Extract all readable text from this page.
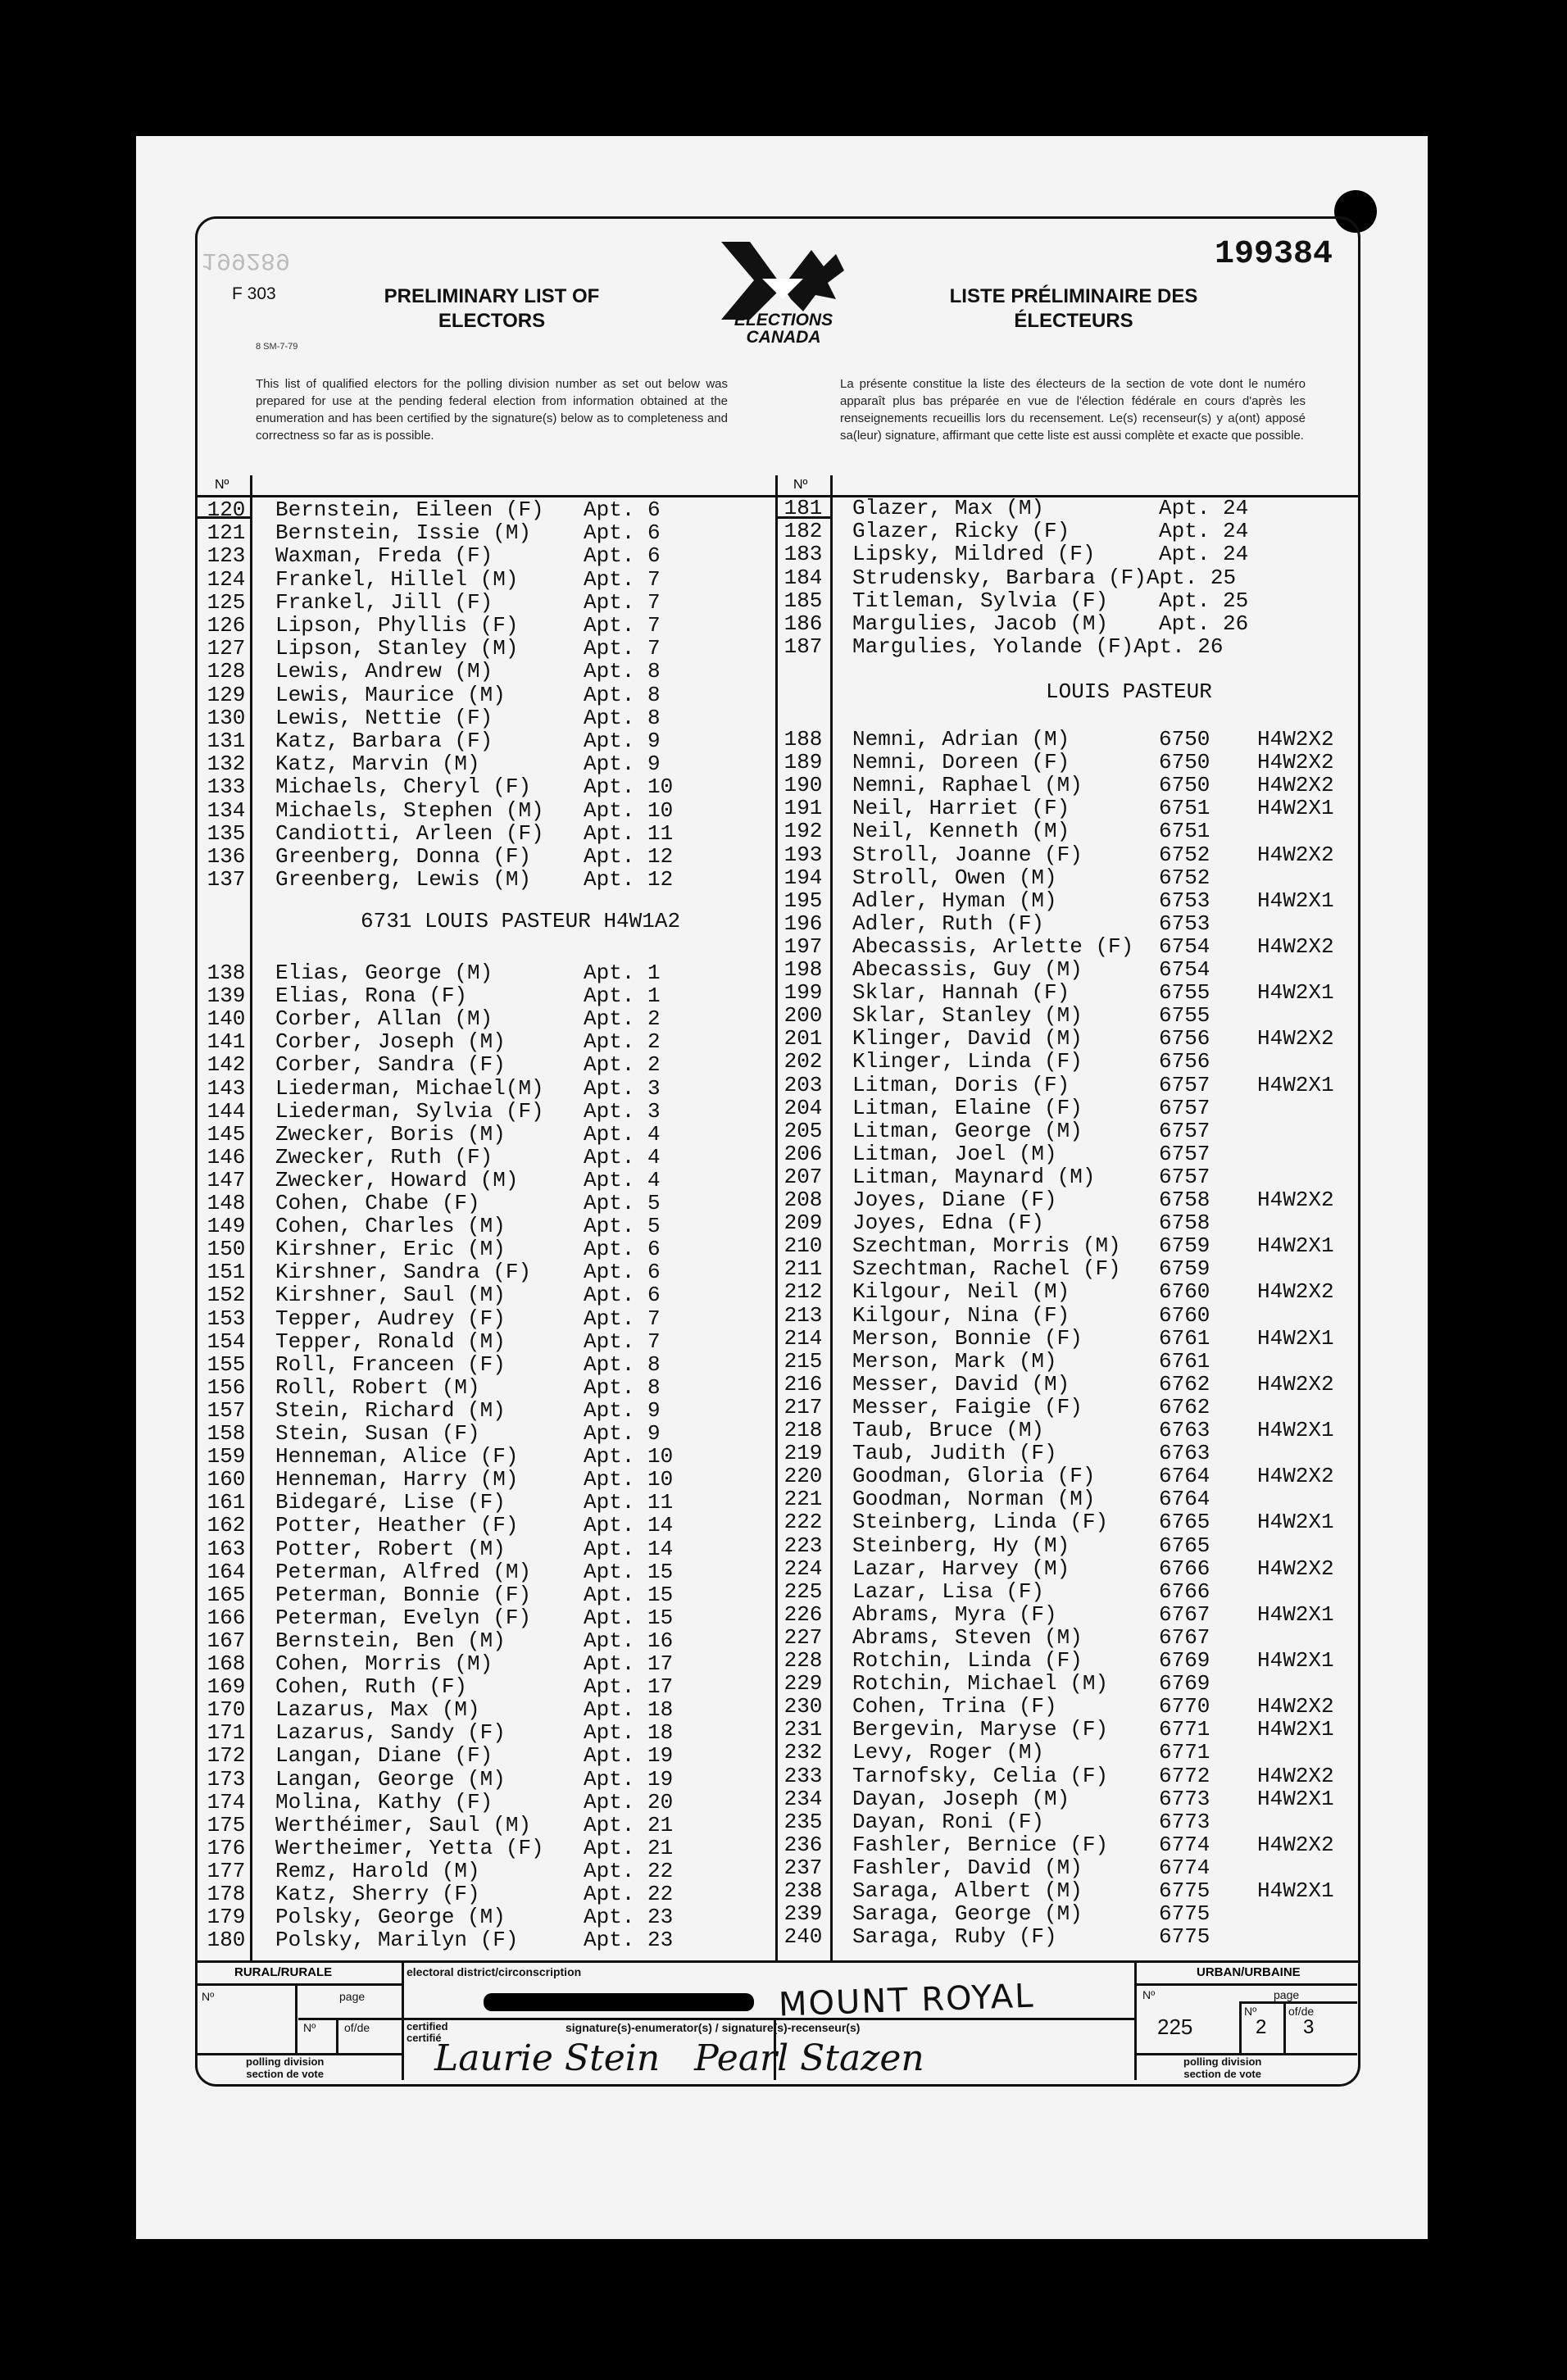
199289
F 303
8 SM-7-79
PRELIMINARY LIST OF
ELECTORS	ELECTIONS
CANADA
199384
LISTE PRÉLIMINAIRE DES
ÉLECTEURS
This list of qualified electors for the polling division number as set out below was prepared for use at the pending federal election from information obtained at the enumeration and has been certified by the signature(s) below as to completeness and correctness so far as is possible.
La présente constitue la liste des électeurs de la section de vote dont le numéro apparaît plus bas préparée en vue de l'élection fédérale en cours d'après les renseignements recueillis lors du recensement. Le(s) recenseur(s) y a(ont) apposé sa(leur) signature, affirmant que cette liste est aussi complète et exacte que possible.
Nº	Nº
120 Bernstein, Eileen (F) Apt. 6
121 Bernstein, Issie (M) Apt. 6
123 Waxman, Freda (F)	Apt. 6
124 Frankel, Hillel (M)	Apt. 7
125 Frankel, Jill (F)	Apt. 7
126 Lipson, Phyllis (F)	Apt. 7
127 Lipson, Stanley (M)	Apt. 7
128 Lewis, Andrew (M)	Apt. 8
129 Lewis, Maurice (M)	Apt. 8
130 Lewis, Nettie (F)	Apt. 8
131 Katz, Barbara (F)	Apt. 9
132 Katz, Marvin (M)	Apt. 9
133 Michaels, Cheryl (F) Apt. 10
134 Michaels, Stephen (M) Apt. 10
135 Candiotti, Arleen (F) Apt. 11
136 Greenberg, Donna (F) Apt. 12
137 Greenberg, Lewis (M) Apt. 12
6731 LOUIS PASTEUR H4W1A2
138 Elias, George (M)	Apt. 1
139 Elias, Rona (F)	Apt. 1
140 Corber, Allan (M)	Apt. 2
141 Corber, Joseph (M)	Apt. 2
142 Corber, Sandra (F)	Apt. 2
143 Liederman, Michael(M) Apt. 3
144 Liederman, Sylvia (F) Apt. 3
145 Zwecker, Boris (M)	Apt. 4
146 Zwecker, Ruth (F)	Apt. 4
147 Zwecker, Howard (M)	Apt. 4
148 Cohen, Chabe (F)	Apt. 5
149 Cohen, Charles (M)	Apt. 5
150 Kirshner, Eric (M)	Apt. 6
151 Kirshner, Sandra (F) Apt. 6
152 Kirshner, Saul (M)	Apt. 6
153 Tepper, Audrey (F)	Apt. 7
154 Tepper, Ronald (M)	Apt. 7
155 Roll, Franceen (F)	Apt. 8
156 Roll, Robert (M)	Apt. 8
157 Stein, Richard (M)	Apt. 9
158 Stein, Susan (F)	Apt. 9
159 Henneman, Alice (F)	Apt. 10
160 Henneman, Harry (M)	Apt. 10
161 Bidegaré, Lise (F)	Apt. 11
162 Potter, Heather (F)	Apt. 14
163 Potter, Robert (M)	Apt. 14
164 Peterman, Alfred (M) Apt. 15
165 Peterman, Bonnie (F) Apt. 15
166 Peterman, Evelyn (F) Apt. 15
167 Bernstein, Ben (M)	Apt. 16
168 Cohen, Morris (M)	Apt. 17
169 Cohen, Ruth (F)	Apt. 17
170 Lazarus, Max (M)	Apt. 18
171 Lazarus, Sandy (F)	Apt. 18
172 Langan, Diane (F)	Apt. 19
173 Langan, George (M)	Apt. 19
174 Molina, Kathy (F)	Apt. 20
175 Werthéimer, Saul (M) Apt. 21
176 Wertheimer, Yetta (F) Apt. 21
177 Remz, Harold (M)	Apt. 22
178 Katz, Sherry (F)	Apt. 22
179 Polsky, George (M)	Apt. 23
180 Polsky, Marilyn (F)	Apt. 23
181 Glazer, Max (M)	Apt. 24
182 Glazer, Ricky (F)	Apt. 24
183 Lipsky, Mildred (F)	Apt. 24
184 Strudensky, Barbara (F)Apt. 25
185 Titleman, Sylvia (F) Apt. 25
186 Margulies, Jacob (M) Apt. 26
187 Margulies, Yolande (F)Apt. 26
LOUIS PASTEUR
188 Nemni, Adrian (M)	6750 H4W2X2
189 Nemni, Doreen (F)	6750 H4W2X2
190 Nemni, Raphael (M)	6750 H4W2X2
191 Neil, Harriet (F)	6751 H4W2X1
192 Neil, Kenneth (M)	6751
193 Stroll, Joanne (F)	6752 H4W2X2
194 Stroll, Owen (M)	6752
195 Adler, Hyman (M)	6753 H4W2X1
196 Adler, Ruth (F)	6753
197 Abecassis, Arlette (F) 6754 H4W2X2
198 Abecassis, Guy (M)	6754
199 Sklar, Hannah (F)	6755 H4W2X1
200 Sklar, Stanley (M)	6755
201 Klinger, David (M)	6756 H4W2X2
202 Klinger, Linda (F)	6756
203 Litman, Doris (F)	6757 H4W2X1
204 Litman, Elaine (F)	6757
205 Litman, George (M)	6757
206 Litman, Joel (M)	6757
207 Litman, Maynard (M)	6757
208 Joyes, Diane (F)	6758 H4W2X2
209 Joyes, Edna (F)	6758
210 Szechtman, Morris (M) 6759 H4W2X1
211 Szechtman, Rachel (F) 6759
212 Kilgour, Neil (M)	6760 H4W2X2
213 Kilgour, Nina (F)	6760
214 Merson, Bonnie (F)	6761 H4W2X1
215 Merson, Mark (M)	6761
216 Messer, David (M)	6762 H4W2X2
217 Messer, Faigie (F)	6762
218 Taub, Bruce (M)	6763 H4W2X1
219 Taub, Judith (F)	6763
220 Goodman, Gloria (F)	6764 H4W2X2
221 Goodman, Norman (M)	6764
222 Steinberg, Linda (F) 6765 H4W2X1
223 Steinberg, Hy (M)	6765
224 Lazar, Harvey (M)	6766 H4W2X2
225 Lazar, Lisa (F)	6766
226 Abrams, Myra (F)	6767 H4W2X1
227 Abrams, Steven (M)	6767
228 Rotchin, Linda (F)	6769 H4W2X1
229 Rotchin, Michael (M) 6769
230 Cohen, Trina (F)	6770 H4W2X2
231 Bergevin, Maryse (F) 6771 H4W2X1
232 Levy, Roger (M)	6771
233 Tarnofsky, Celia (F) 6772 H4W2X2
234 Dayan, Joseph (M)	6773 H4W2X1
235 Dayan, Roni (F)	6773
236 Fashler, Bernice (F) 6774 H4W2X2
237 Fashler, David (M)	6774
238 Saraga, Albert (M)	6775 H4W2X1
239 Saraga, George (M)	6775
240 Saraga, Ruby (F)	6775
RURAL/RURALE
Nº	page
Nº of/de
polling division
section de vote
electoral district/circonscription
MOUNT ROYAL
certified
certifié
signature(s)-enumerator(s) / signature(s)-recenseur(s)
Laurie Stein   Pearl Stazen
URBAN/URBAINE
Nº	page
225
Nº
2
of/de
3
polling division
section de vote
